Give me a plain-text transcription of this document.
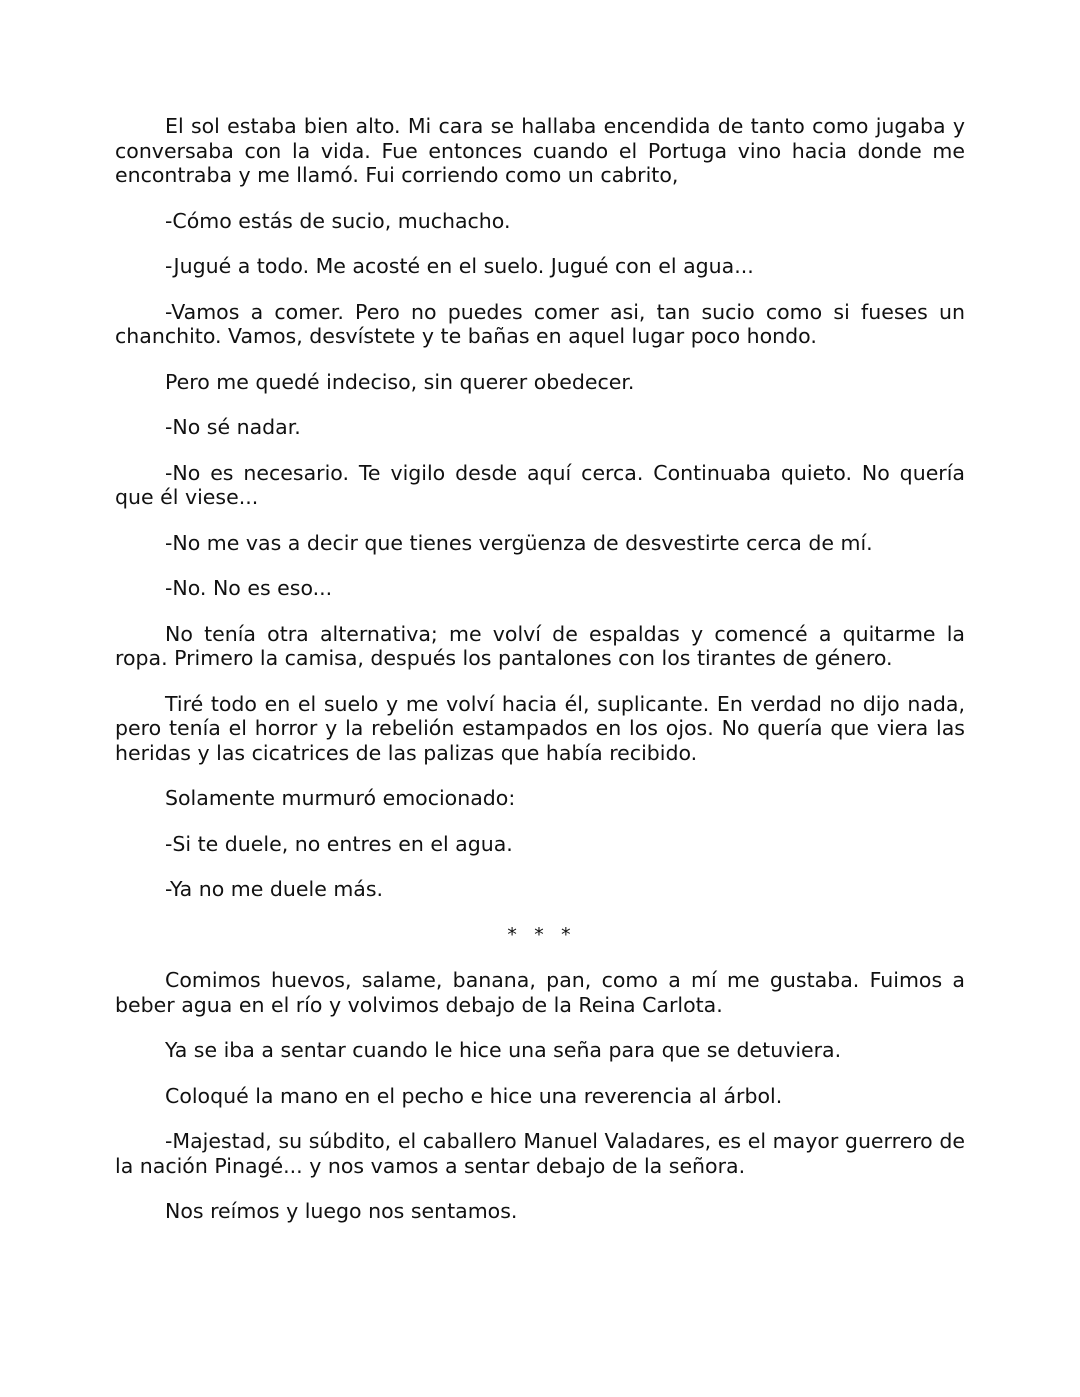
El sol estaba bien alto. Mi cara se hallaba encendida de tanto como jugaba y conversaba con la vida. Fue entonces cuando el Portuga vino hacia donde me encontraba y me llamó. Fui corriendo como un cabrito,

-Cómo estás de sucio, muchacho.

-Jugué a todo. Me acosté en el suelo. Jugué con el agua...

-Vamos a comer. Pero no puedes comer asi, tan sucio como si fueses un chanchito. Vamos, desvístete y te bañas en aquel lugar poco hondo.

Pero me quedé indeciso, sin querer obedecer.

-No sé nadar.

-No es necesario. Te vigilo desde aquí cerca. Continuaba quieto. No quería que él viese...

-No me vas a decir que tienes vergüenza de desvestirte cerca de mí.

-No. No es eso...

No tenía otra alternativa; me volví de espaldas y comencé a quitarme la ropa. Primero la camisa, después los pantalones con los tirantes de género.

Tiré todo en el suelo y me volví hacia él, suplicante. En verdad no dijo nada, pero tenía el horror y la rebelión estampados en los ojos. No quería que viera las heridas y las cicatrices de las palizas que había recibido.

Solamente murmuró emocionado:

-Si te duele, no entres en el agua.

-Ya no me duele más.

* * *

Comimos huevos, salame, banana, pan, como a mí me gustaba. Fuimos a beber agua en el río y volvimos debajo de la Reina Carlota.

Ya se iba a sentar cuando le hice una seña para que se detuviera.

Coloqué la mano en el pecho e hice una reverencia al árbol.

-Majestad, su súbdito, el caballero Manuel Valadares, es el mayor guerrero de la nación Pinagé... y nos vamos a sentar debajo de la señora.

Nos reímos y luego nos sentamos.
